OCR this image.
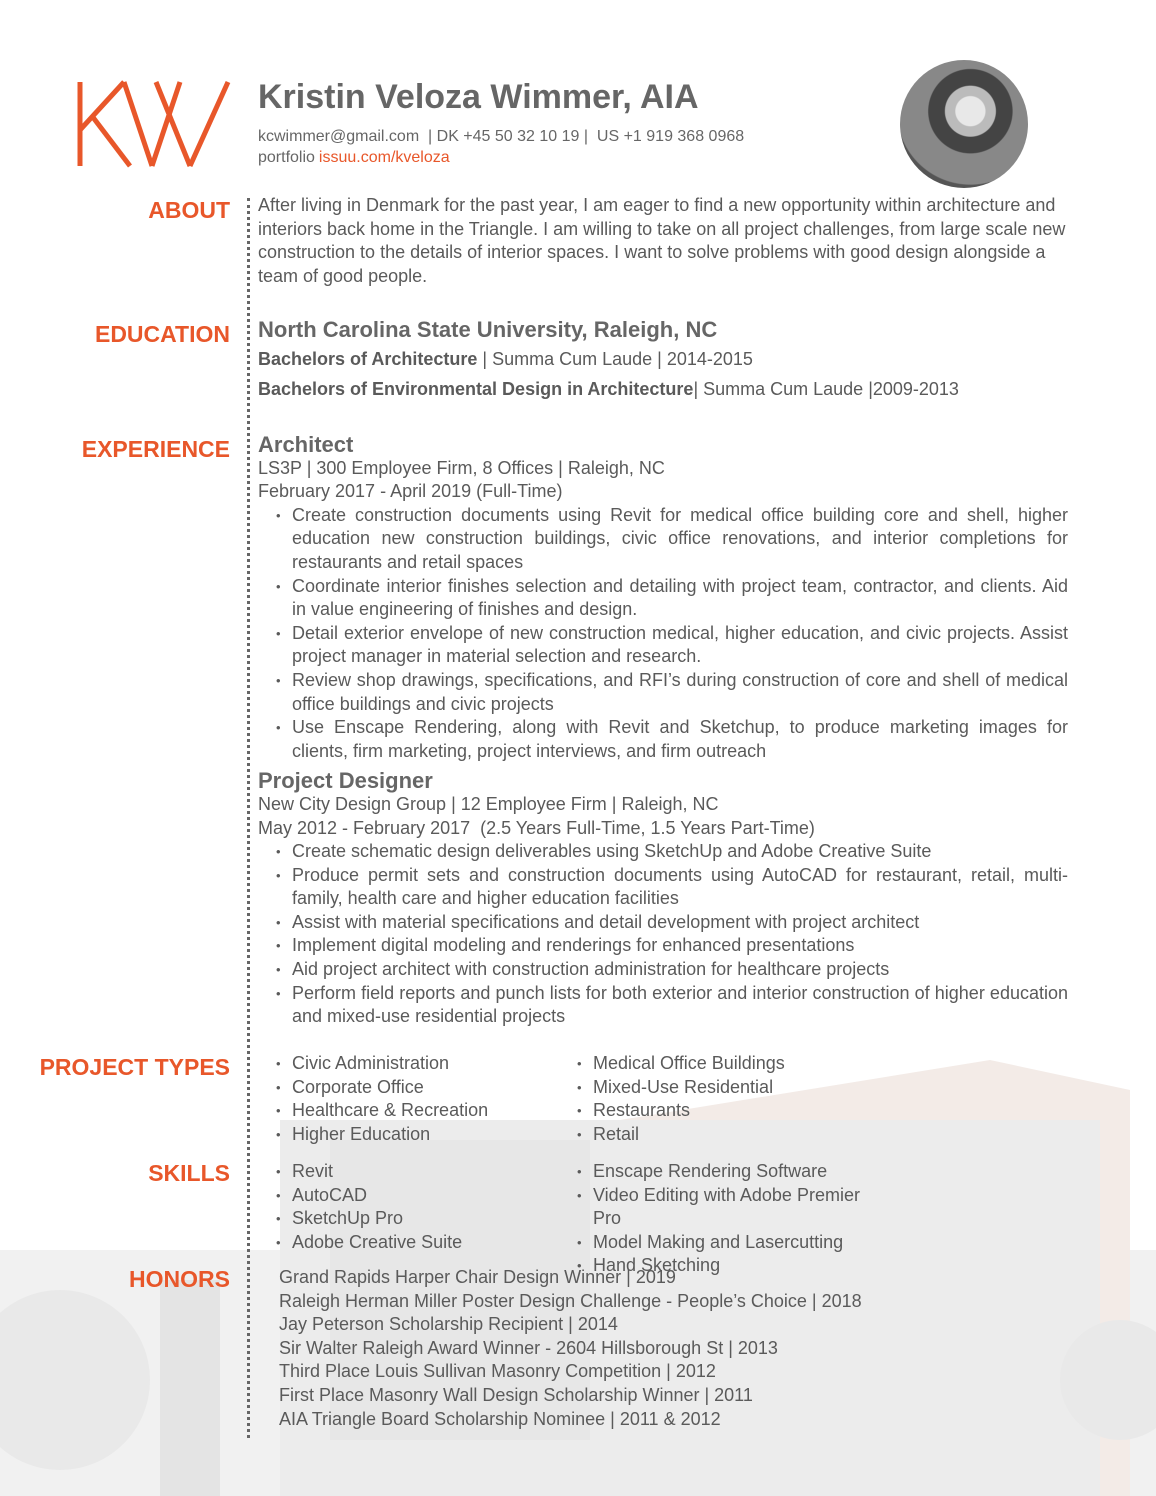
Kristin Veloza Wimmer, AIA
kcwimmer@gmail.com  | DK +45 50 32 10 19 |  US +1 919 368 0968
portfolio issuu.com/kveloza
ABOUT After living in Denmark for the past year, I am eager to find a new opportunity within architecture and interiors back home in the Triangle. I am willing to take on all project challenges, from large scale new construction to the details of interior spaces. I want to solve problems with good design alongside a team of good people.
EDUCATION North Carolina State University, Raleigh, NC
Bachelors of Architecture | Summa Cum Laude | 2014-2015
Bachelors of Environmental Design in Architecture| Summa Cum Laude |2009-2013
EXPERIENCE Architect
LS3P | 300 Employee Firm, 8 Offices | Raleigh, NC
February 2017 - April 2019 (Full-Time)
• Create construction documents using Revit for medical office building core and shell, higher education new construction buildings, civic office renovations, and interior completions for restaurants and retail spaces
• Coordinate interior finishes selection and detailing with project team, contractor, and clients. Aid in value engineering of finishes and design.
• Detail exterior envelope of new construction medical, higher education, and civic projects. Assist project manager in material selection and research.
• Review shop drawings, specifications, and RFI’s during construction of core and shell of medical office buildings and civic projects
• Use Enscape Rendering, along with Revit and Sketchup, to produce marketing images for clients, firm marketing, project interviews, and firm outreach
Project Designer
New City Design Group | 12 Employee Firm | Raleigh, NC
May 2012 - February 2017  (2.5 Years Full-Time, 1.5 Years Part-Time)
• Create schematic design deliverables using SketchUp and Adobe Creative Suite
• Produce permit sets and construction documents using AutoCAD for restaurant, retail, multi-family, health care and higher education facilities
• Assist with material specifications and detail development with project architect
• Implement digital modeling and renderings for enhanced presentations
• Aid project architect with construction administration for healthcare projects
• Perform field reports and punch lists for both exterior and interior construction of higher education and mixed-use residential projects
PROJECT TYPES	• Civic Administration
• Corporate Office
• Healthcare & Recreation
• Higher Education
• Medical Office Buildings
• Mixed-Use Residential
• Restaurants
• Retail
SKILLS	• Revit
• AutoCAD
• SketchUp Pro
• Adobe Creative Suite
• Enscape Rendering Software
• Video Editing with Adobe Premier Pro
• Model Making and Lasercutting
• Hand Sketching
HONORS	Grand Rapids Harper Chair Design Winner | 2019
Raleigh Herman Miller Poster Design Challenge - People’s Choice | 2018
Jay Peterson Scholarship Recipient | 2014
Sir Walter Raleigh Award Winner - 2604 Hillsborough St | 2013
Third Place Louis Sullivan Masonry Competition | 2012
First Place Masonry Wall Design Scholarship Winner | 2011
AIA Triangle Board Scholarship Nominee | 2011 & 2012
